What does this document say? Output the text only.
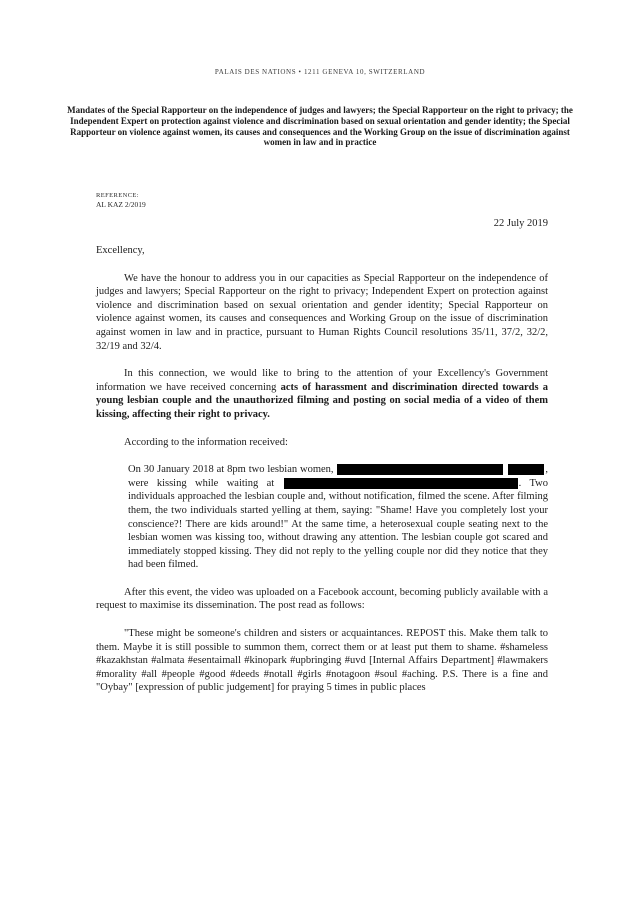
PALAIS DES NATIONS • 1211 GENEVA 10, SWITZERLAND
Mandates of the Special Rapporteur on the independence of judges and lawyers; the Special Rapporteur on the right to privacy; the Independent Expert on protection against violence and discrimination based on sexual orientation and gender identity; the Special Rapporteur on violence against women, its causes and consequences and the Working Group on the issue of discrimination against women in law and in practice
REFERENCE:
AL KAZ 2/2019
22 July 2019

Excellency,

We have the honour to address you in our capacities as Special Rapporteur on the independence of judges and lawyers; Special Rapporteur on the right to privacy; Independent Expert on protection against violence and discrimination based on sexual orientation and gender identity; Special Rapporteur on violence against women, its causes and consequences and Working Group on the issue of discrimination against women in law and in practice, pursuant to Human Rights Council resolutions 35/11, 37/2, 32/2, 32/19 and 32/4.

In this connection, we would like to bring to the attention of your Excellency's Government information we have received concerning acts of harassment and discrimination directed towards a young lesbian couple and the unauthorized filming and posting on social media of a video of them kissing, affecting their right to privacy.

According to the information received:

On 30 January 2018 at 8pm two lesbian women,	, were kissing while waiting at	. Two individuals approached the lesbian couple and, without notification, filmed the scene. After filming them, the two individuals started yelling at them, saying: "Shame! Have you completely lost your conscience?! There are kids around!" At the same time, a heterosexual couple seating next to the lesbian women was kissing too, without drawing any attention. The lesbian couple got scared and immediately stopped kissing. They did not reply to the yelling couple nor did they notice that they had been filmed.

After this event, the video was uploaded on a Facebook account, becoming publicly available with a request to maximise its dissemination. The post read as follows:

"These might be someone's children and sisters or acquaintances. REPOST this. Make them talk to them. Maybe it is still possible to summon them, correct them or at least put them to shame. #shameless #kazakhstan #almata #esentaimall #kinopark #upbringing #uvd [Internal Affairs Department] #lawmakers #morality #all #people #good #deeds #notall #girls #notagoon #soul #aching. P.S. There is a fine and "Oybay" [expression of public judgement] for praying 5 times in public places
